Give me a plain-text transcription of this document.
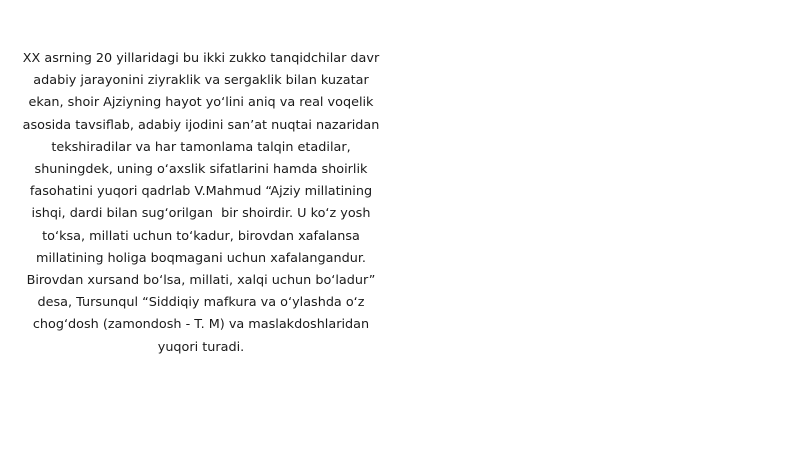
XX asrning 20 yillaridagi bu ikki zukko tanqidchilar davr
adabiy jarayonini ziyraklik va sergaklik bilan kuzatar
ekan, shoir Ajziyning hayot yo‘lini aniq va real voqelik
asosida tavsiflab, adabiy ijodini san’at nuqtai nazaridan
tekshiradilar va har tamonlama talqin etadilar,
shuningdek, uning o‘axslik sifatlarini hamda shoirlik
fasohatini yuqori qadrlab V.Mahmud “Ajziy millatining
ishqi, dardi bilan sug‘orilgan  bir shoirdir. U ko‘z yosh
to‘ksa, millati uchun to‘kadur, birovdan xafalansa
millatining holiga boqmagani uchun xafalangandur.
Birovdan xursand bo‘lsa, millati, xalqi uchun bo‘ladur”
desa, Tursunqul “Siddiqiy mafkura va o‘ylashda o‘z
chog‘dosh (zamondosh - T. M) va maslakdoshlaridan
yuqori turadi.
